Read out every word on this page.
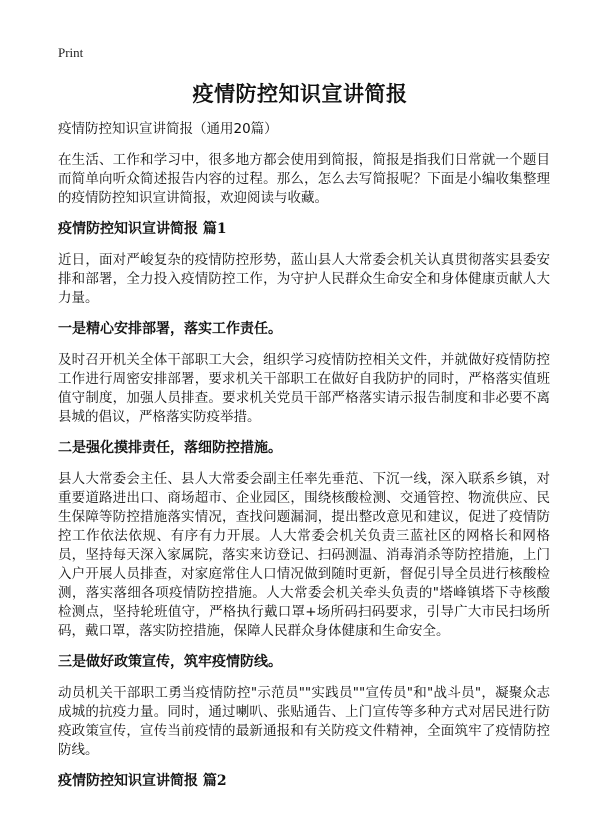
Print
疫情防控知识宣讲简报

疫情防控知识宣讲简报（通用20篇）

在生活、工作和学习中，很多地方都会使用到简报，简报是指我们日常就一个题目而简单向听众简述报告内容的过程。那么，怎么去写简报呢？下面是小编收集整理的疫情防控知识宣讲简报，欢迎阅读与收藏。

疫情防控知识宣讲简报 篇1

近日，面对严峻复杂的疫情防控形势，蓝山县人大常委会机关认真贯彻落实县委安排和部署，全力投入疫情防控工作，为守护人民群众生命安全和身体健康贡献人大力量。

一是精心安排部署，落实工作责任。

及时召开机关全体干部职工大会，组织学习疫情防控相关文件，并就做好疫情防控工作进行周密安排部署，要求机关干部职工在做好自我防护的同时，严格落实值班值守制度，加强人员排查。要求机关党员干部严格落实请示报告制度和非必要不离县城的倡议，严格落实防疫举措。

二是强化摸排责任，落细防控措施。

县人大常委会主任、县人大常委会副主任率先垂范、下沉一线，深入联系乡镇，对重要道路进出口、商场超市、企业园区，围绕核酸检测、交通管控、物流供应、民生保障等防控措施落实情况，查找问题漏洞，提出整改意见和建议，促进了疫情防控工作依法依规、有序有力开展。人大常委会机关负责三蓝社区的网格长和网格员，坚持每天深入家属院，落实来访登记、扫码测温、消毒消杀等防控措施，上门入户开展人员排查，对家庭常住人口情况做到随时更新，督促引导全员进行核酸检测，落实落细各项疫情防控措施。人大常委会机关牵头负责的"塔峰镇塔下寺核酸检测点，坚持轮班值守，严格执行戴口罩+场所码扫码要求，引导广大市民扫场所码，戴口罩，落实防控措施，保障人民群众身体健康和生命安全。

三是做好政策宣传，筑牢疫情防线。

动员机关干部职工勇当疫情防控"示范员""实践员""宣传员"和"战斗员"，凝聚众志成城的抗疫力量。同时，通过喇叭、张贴通告、上门宣传等多种方式对居民进行防疫政策宣传，宣传当前疫情的最新通报和有关防疫文件精神，全面筑牢了疫情防控防线。

疫情防控知识宣讲简报 篇2
